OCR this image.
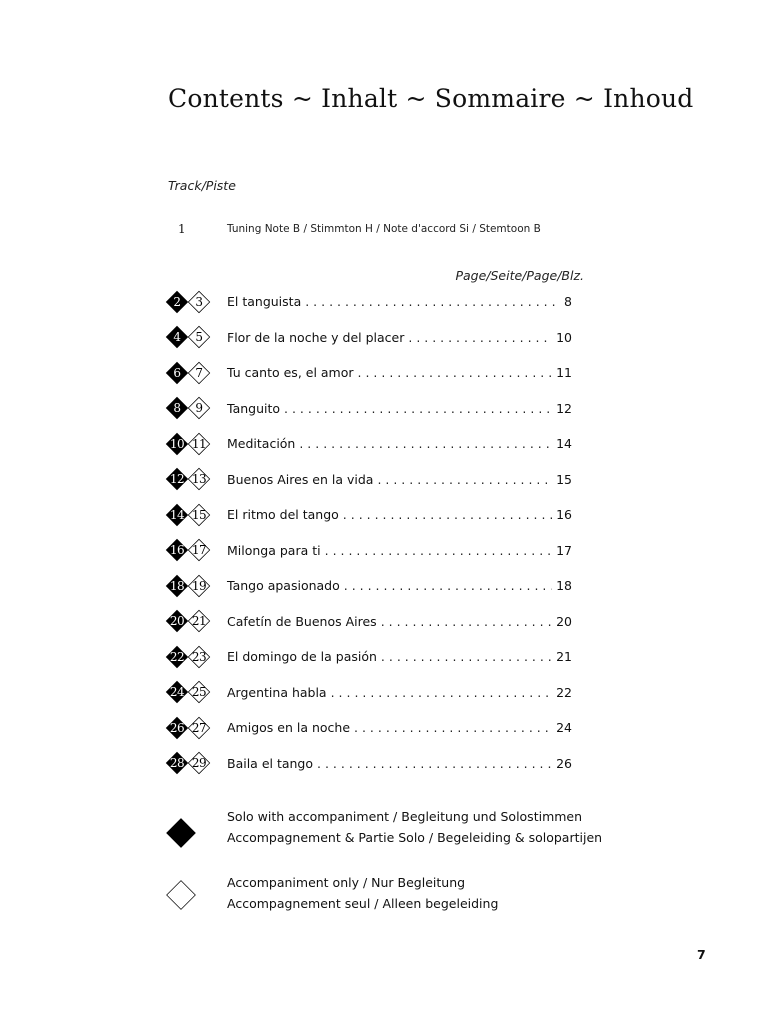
Contents ~ Inhalt ~ Sommaire ~ Inhoud
Track/Piste
1	Tuning Note B / Stimmton H / Note d'accord Si / Stemtoon B
Page/Seite/Page/Blz.
2	3	El tanguista . . .	8
4	5	Flor de la noche y del placer . . .	10
6	7	Tu canto es, el amor . . .	11
8	9	Tanguito . . .	12
10 11	Meditación . . .	14
12 13	Buenos Aires en la vida . . .	15
14 15	El ritmo del tango . . .	16
16 17	Milonga para ti . . .	17
18 19	Tango apasionado . . .	18
20 21	Cafetín de Buenos Aires . . .	20
22 23	El domingo de la pasión . . .	21
24 25	Argentina habla . . .	22
26 27	Amigos en la noche . . .	24
28 29	Baila el tango . . .	26
Solo with accompaniment / Begleitung und Solostimmen
Accompagnement & Partie Solo / Begeleiding & solopartijen
Accompaniment only / Nur Begleitung
Accompagnement seul / Alleen begeleiding
7
